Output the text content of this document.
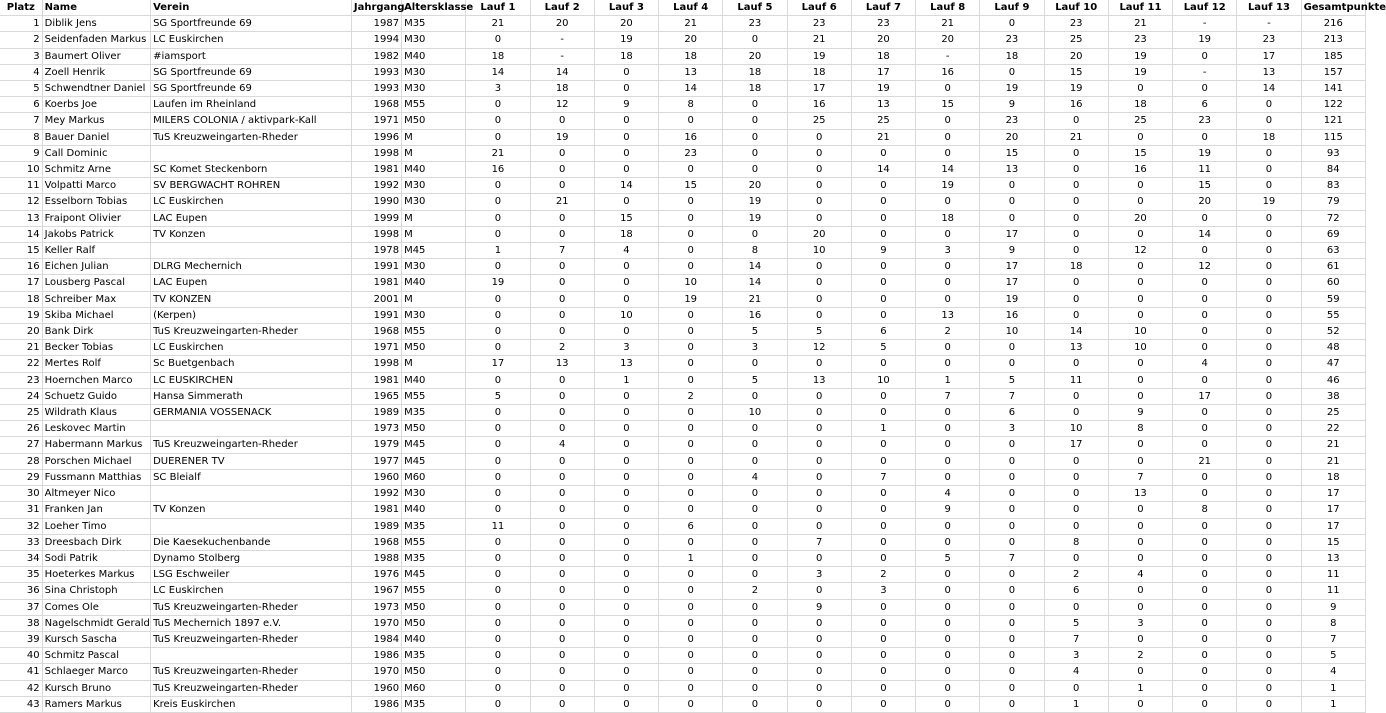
Platz	Name	Verein	Jahrgang	Altersklasse	Lauf 1	Lauf 2	Lauf 3	Lauf 4	Lauf 5	Lauf 6	Lauf 7	Lauf 8	Lauf 9	Lauf 10	Lauf 11	Lauf 12	Lauf 13	Gesamtpunkte
1	Diblik Jens	SG Sportfreunde 69	1987	M35	21	20	20	21	23	23	23	21	0	23	21	-	-	216
2	Seidenfaden Markus	LC Euskirchen	1994	M30	0	-	19	20	0	21	20	20	23	25	23	19	23	213
3	Baumert Oliver	#iamsport	1982	M40	18	-	18	18	20	19	18	-	18	20	19	0	17	185
4	Zoell Henrik	SG Sportfreunde 69	1993	M30	14	14	0	13	18	18	17	16	0	15	19	-	13	157
5	Schwendtner Daniel	SG Sportfreunde 69	1993	M30	3	18	0	14	18	17	19	0	19	19	0	0	14	141
6	Koerbs Joe	Laufen im Rheinland	1968	M55	0	12	9	8	0	16	13	15	9	16	18	6	0	122
7	Mey Markus	MILERS COLONIA / aktivpark-Kall	1971	M50	0	0	0	0	0	25	25	0	23	0	25	23	0	121
8	Bauer Daniel	TuS Kreuzweingarten-Rheder	1996	M	0	19	0	16	0	0	21	0	20	21	0	0	18	115
9	Call Dominic		1998	M	21	0	0	23	0	0	0	0	15	0	15	19	0	93
10	Schmitz Arne	SC Komet Steckenborn	1981	M40	16	0	0	0	0	0	14	14	13	0	16	11	0	84
11	Volpatti Marco	SV BERGWACHT ROHREN	1992	M30	0	0	14	15	20	0	0	19	0	0	0	15	0	83
12	Esselborn Tobias	LC Euskirchen	1990	M30	0	21	0	0	19	0	0	0	0	0	0	20	19	79
13	Fraipont Olivier	LAC Eupen	1999	M	0	0	15	0	19	0	0	18	0	0	20	0	0	72
14	Jakobs Patrick	TV Konzen	1998	M	0	0	18	0	0	20	0	0	17	0	0	14	0	69
15	Keller Ralf		1978	M45	1	7	4	0	8	10	9	3	9	0	12	0	0	63
16	Eichen Julian	DLRG Mechernich	1991	M30	0	0	0	0	14	0	0	0	17	18	0	12	0	61
17	Lousberg Pascal	LAC Eupen	1981	M40	19	0	0	10	14	0	0	0	17	0	0	0	0	60
18	Schreiber Max	TV KONZEN	2001	M	0	0	0	19	21	0	0	0	19	0	0	0	0	59
19	Skiba Michael	(Kerpen)	1991	M30	0	0	10	0	16	0	0	13	16	0	0	0	0	55
20	Bank Dirk	TuS Kreuzweingarten-Rheder	1968	M55	0	0	0	0	5	5	6	2	10	14	10	0	0	52
21	Becker Tobias	LC Euskirchen	1971	M50	0	2	3	0	3	12	5	0	0	13	10	0	0	48
22	Mertes Rolf	Sc Buetgenbach	1998	M	17	13	13	0	0	0	0	0	0	0	0	4	0	47
23	Hoernchen Marco	LC EUSKIRCHEN	1981	M40	0	0	1	0	5	13	10	1	5	11	0	0	0	46
24	Schuetz Guido	Hansa Simmerath	1965	M55	5	0	0	2	0	0	0	7	7	0	0	17	0	38
25	Wildrath Klaus	GERMANIA VOSSENACK	1989	M35	0	0	0	0	10	0	0	0	6	0	9	0	0	25
26	Leskovec Martin		1973	M50	0	0	0	0	0	0	1	0	3	10	8	0	0	22
27	Habermann Markus	TuS Kreuzweingarten-Rheder	1979	M45	0	4	0	0	0	0	0	0	0	17	0	0	0	21
28	Porschen Michael	DUERENER TV	1977	M45	0	0	0	0	0	0	0	0	0	0	0	21	0	21
29	Fussmann Matthias	SC Bleialf	1960	M60	0	0	0	0	4	0	7	0	0	0	7	0	0	18
30	Altmeyer Nico		1992	M30	0	0	0	0	0	0	0	4	0	0	13	0	0	17
31	Franken Jan	TV Konzen	1981	M40	0	0	0	0	0	0	0	9	0	0	0	8	0	17
32	Loeher Timo		1989	M35	11	0	0	6	0	0	0	0	0	0	0	0	0	17
33	Dreesbach Dirk	Die Kaesekuchenbande	1968	M55	0	0	0	0	0	7	0	0	0	8	0	0	0	15
34	Sodi Patrik	Dynamo Stolberg	1988	M35	0	0	0	1	0	0	0	5	7	0	0	0	0	13
35	Hoeterkes Markus	LSG Eschweiler	1976	M45	0	0	0	0	0	3	2	0	0	2	4	0	0	11
36	Sina Christoph	LC Euskirchen	1967	M55	0	0	0	0	2	0	3	0	0	6	0	0	0	11
37	Comes Ole	TuS Kreuzweingarten-Rheder	1973	M50	0	0	0	0	0	9	0	0	0	0	0	0	0	9
38	Nagelschmidt Gerald	TuS Mechernich 1897 e.V.	1970	M50	0	0	0	0	0	0	0	0	0	5	3	0	0	8
39	Kursch Sascha	TuS Kreuzweingarten-Rheder	1984	M40	0	0	0	0	0	0	0	0	0	7	0	0	0	7
40	Schmitz Pascal		1986	M35	0	0	0	0	0	0	0	0	0	3	2	0	0	5
41	Schlaeger Marco	TuS Kreuzweingarten-Rheder	1970	M50	0	0	0	0	0	0	0	0	0	4	0	0	0	4
42	Kursch Bruno	TuS Kreuzweingarten-Rheder	1960	M60	0	0	0	0	0	0	0	0	0	0	1	0	0	1
43	Ramers Markus	Kreis Euskirchen	1986	M35	0	0	0	0	0	0	0	0	0	1	0	0	0	1
